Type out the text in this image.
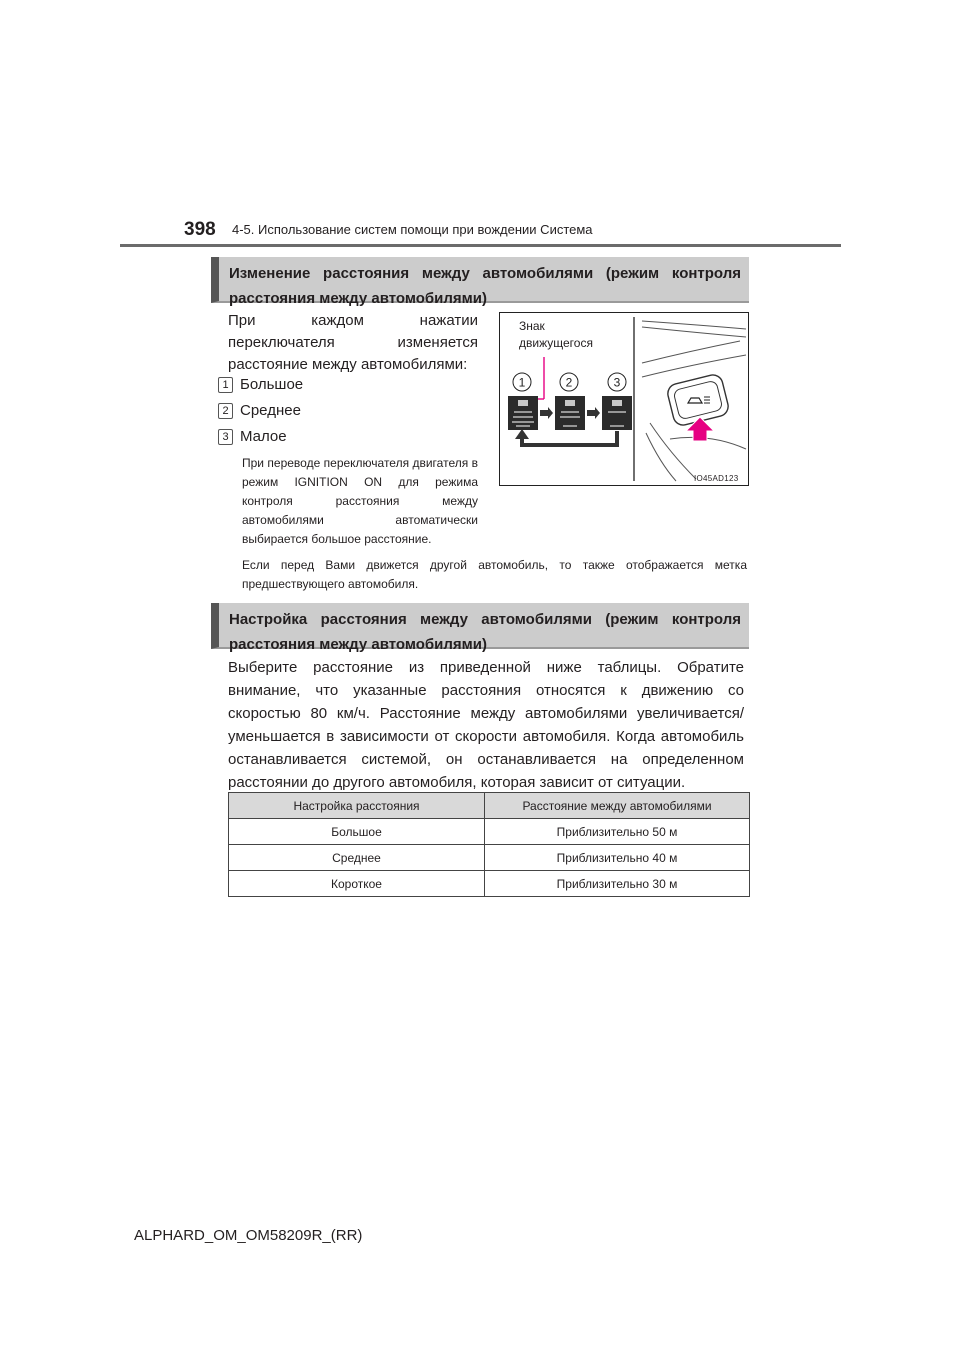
398 4-5. Использование систем помощи при вождении Система
Изменение расстояния между автомобилями (режим контроля расстояния между автомобилями)
При каждом нажатии переключателя изменяется расстояние между автомобилями:
1 Большое
2 Среднее
3 Малое
При переводе переключателя двигателя в режим IGNITION ON для режима контроля расстояния между автомобилями автоматически выбирается большое расстояние.
Если перед Вами движется другой автомобиль, то также отображается метка предшествующего автомобиля.
1	2	3
Знак
движущегося
IO45AD123
Настройка расстояния между автомобилями (режим контроля расстояния между автомобилями)
Выберите расстояние из приведенной ниже таблицы. Обратите внимание, что указанные расстояния относятся к движению со скоростью 80 км/ч. Расстояние между автомобилями увеличивается/уменьшается в зависимости от скорости автомобиля. Когда автомобиль останавливается системой, он останавливается на определенном расстоянии до другого автомобиля, которая зависит от ситуации.
Настройка расстояния	Расстояние между автомобилями
Большое	Приблизительно 50 м
Среднее	Приблизительно 40 м
Короткое	Приблизительно 30 м
ALPHARD_OM_OM58209R_(RR)
